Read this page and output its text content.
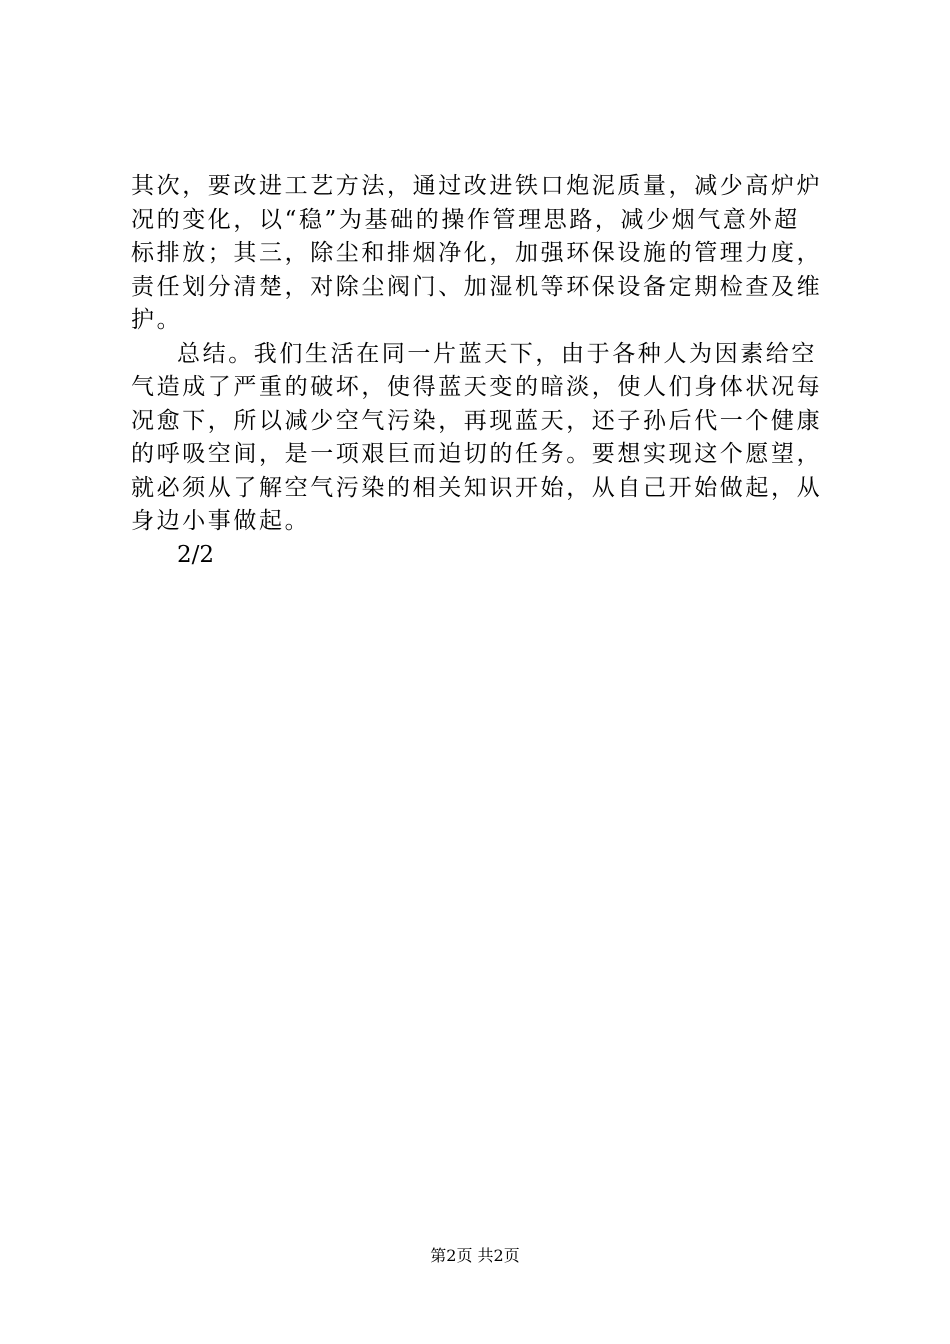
其次，要改进工艺方法，通过改进铁口炮泥质量，减少高炉炉
况的变化，以“稳”为基础的操作管理思路，减少烟气意外超
标排放；其三，除尘和排烟净化，加强环保设施的管理力度，
责任划分清楚，对除尘阀门、加湿机等环保设备定期检查及维
护。
总结。我们生活在同一片蓝天下，由于各种人为因素给空
气造成了严重的破坏，使得蓝天变的暗淡，使人们身体状况每
况愈下，所以减少空气污染，再现蓝天，还子孙后代一个健康
的呼吸空间，是一项艰巨而迫切的任务。要想实现这个愿望，
就必须从了解空气污染的相关知识开始，从自己开始做起，从
身边小事做起。
2/2
第2页 共2页
